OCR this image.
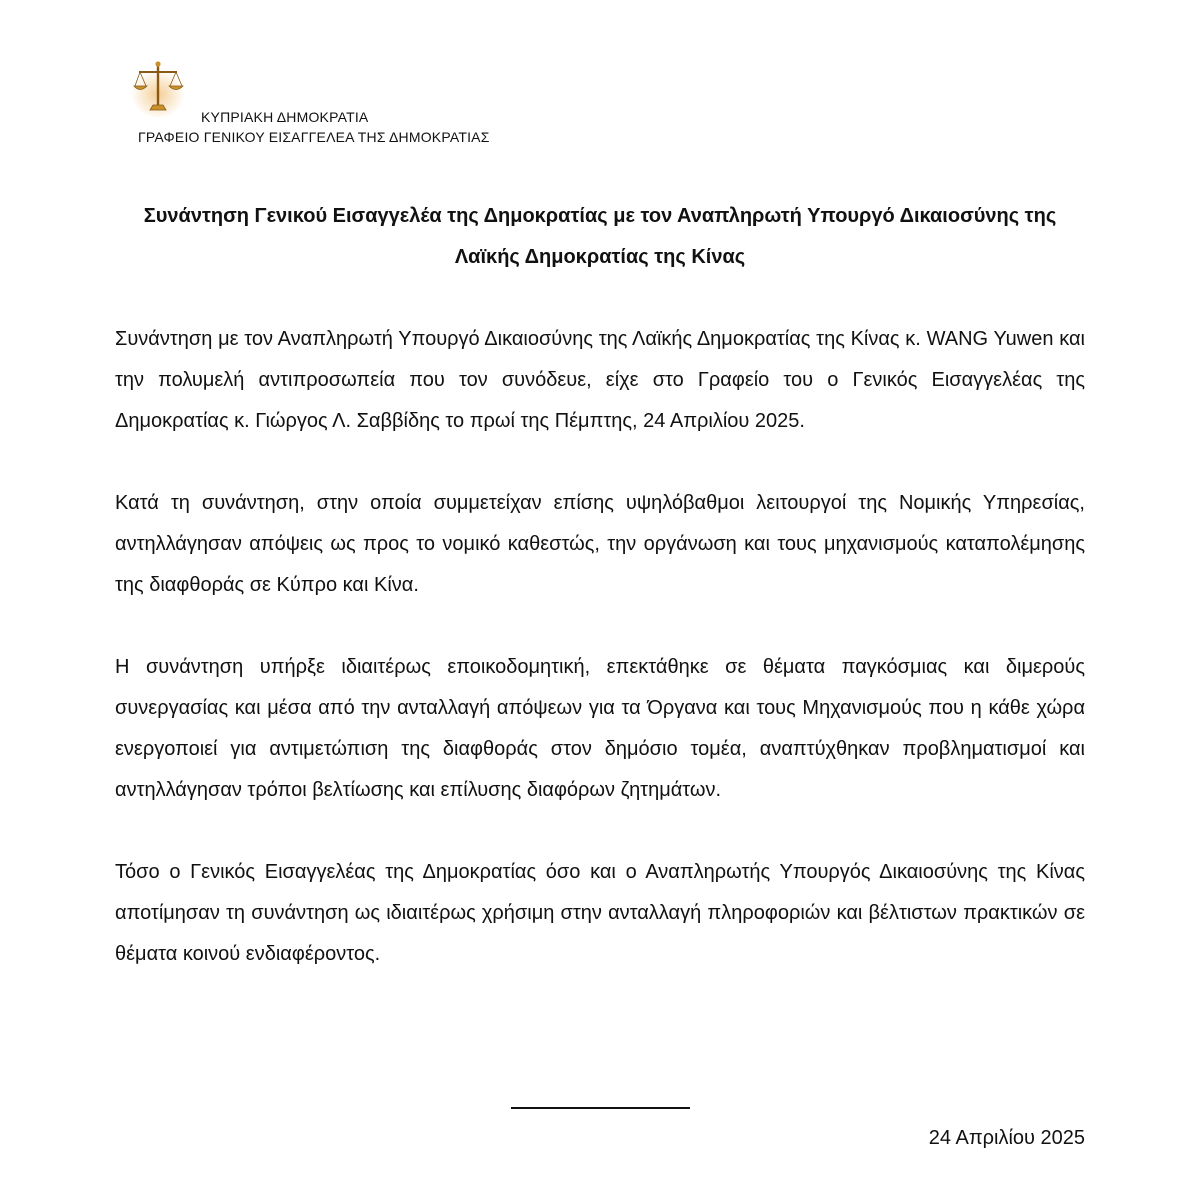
ΚΥΠΡΙΑΚΗ ΔΗΜΟΚΡΑΤΙΑ
ΓΡΑΦΕΙΟ ΓΕΝΙΚΟΥ ΕΙΣΑΓΓΕΛΕΑ ΤΗΣ ΔΗΜΟΚΡΑΤΙΑΣ
Συνάντηση Γενικού Εισαγγελέα της Δημοκρατίας με τον Αναπληρωτή Υπουργό Δικαιοσύνης της Λαϊκής Δημοκρατίας της Κίνας

Συνάντηση με τον Αναπληρωτή Υπουργό Δικαιοσύνης της Λαϊκής Δημοκρατίας της Κίνας κ. WANG Yuwen και την πολυμελή αντιπροσωπεία που τον συνόδευε, είχε στο Γραφείο του ο Γενικός Εισαγγελέας της Δημοκρατίας κ. Γιώργος Λ. Σαββίδης το πρωί της Πέμπτης, 24 Απριλίου 2025.

Κατά τη συνάντηση, στην οποία συμμετείχαν επίσης υψηλόβαθμοι λειτουργοί της Νομικής Υπηρεσίας, αντηλλάγησαν απόψεις ως προς το νομικό καθεστώς, την οργάνωση και τους μηχανισμούς καταπολέμησης της διαφθοράς σε Κύπρο και Κίνα.

Η συνάντηση υπήρξε ιδιαιτέρως εποικοδομητική, επεκτάθηκε σε θέματα παγκόσμιας και διμερούς συνεργασίας και μέσα από την ανταλλαγή απόψεων για τα Όργανα και τους Μηχανισμούς που η κάθε χώρα ενεργοποιεί για αντιμετώπιση της διαφθοράς στον δημόσιο τομέα, αναπτύχθηκαν προβληματισμοί και αντηλλάγησαν τρόποι βελτίωσης και επίλυσης διαφόρων ζητημάτων.

Τόσο ο Γενικός Εισαγγελέας της Δημοκρατίας όσο και ο Αναπληρωτής Υπουργός Δικαιοσύνης της Κίνας αποτίμησαν τη συνάντηση ως ιδιαιτέρως χρήσιμη στην ανταλλαγή πληροφοριών και βέλτιστων πρακτικών σε θέματα κοινού ενδιαφέροντος.

24 Απριλίου 2025
